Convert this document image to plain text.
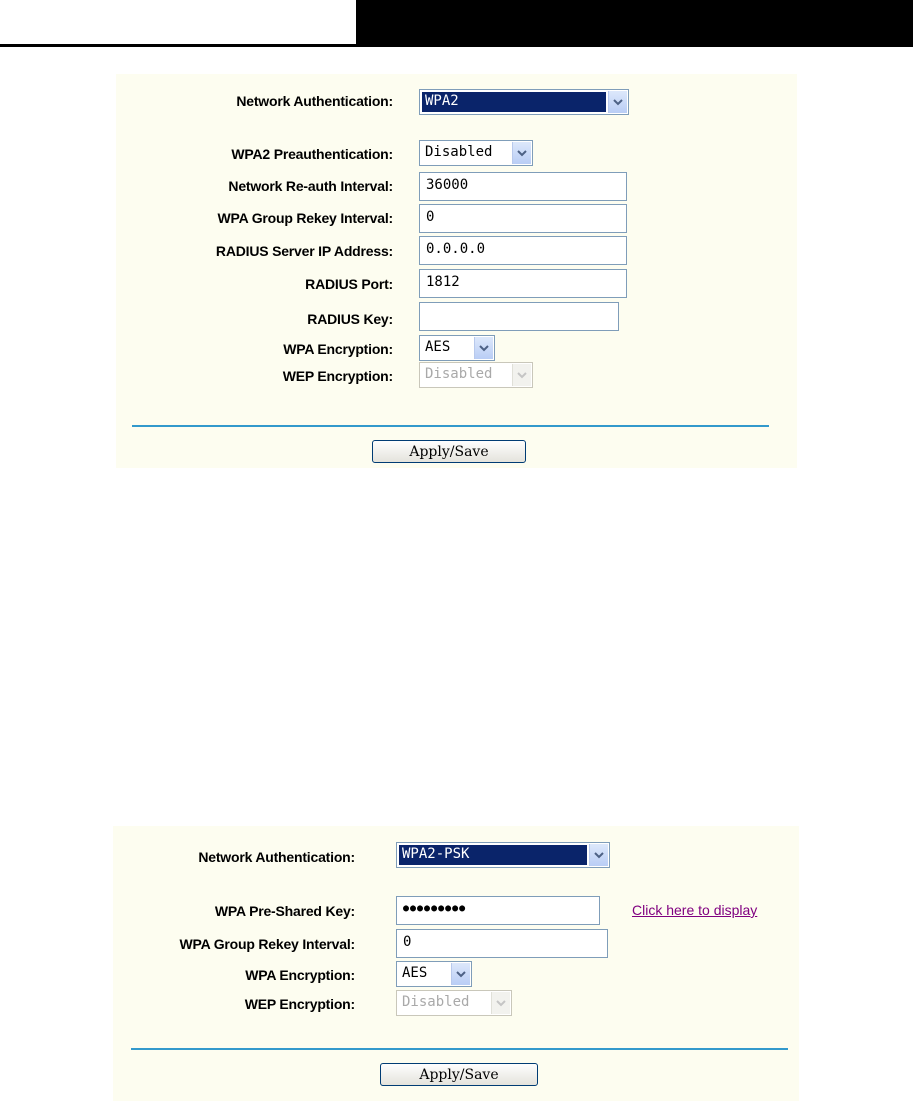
Network Authentication: WPA2
WPA2 Preauthentication: Disabled
Network Re-auth Interval:	36000
WPA Group Rekey Interval:	0
RADIUS Server IP Address:	0.0.0.0
RADIUS Port:	1812
RADIUS Key:
WPA Encryption: AES
WEP Encryption: Disabled
Apply/Save
Network Authentication:	WPA2-PSK
WPA Pre-Shared Key:	●●●●●●●●●	Click here to display
WPA Group Rekey Interval:	0
WPA Encryption:	AES
WEP Encryption:	Disabled
Apply/Save
